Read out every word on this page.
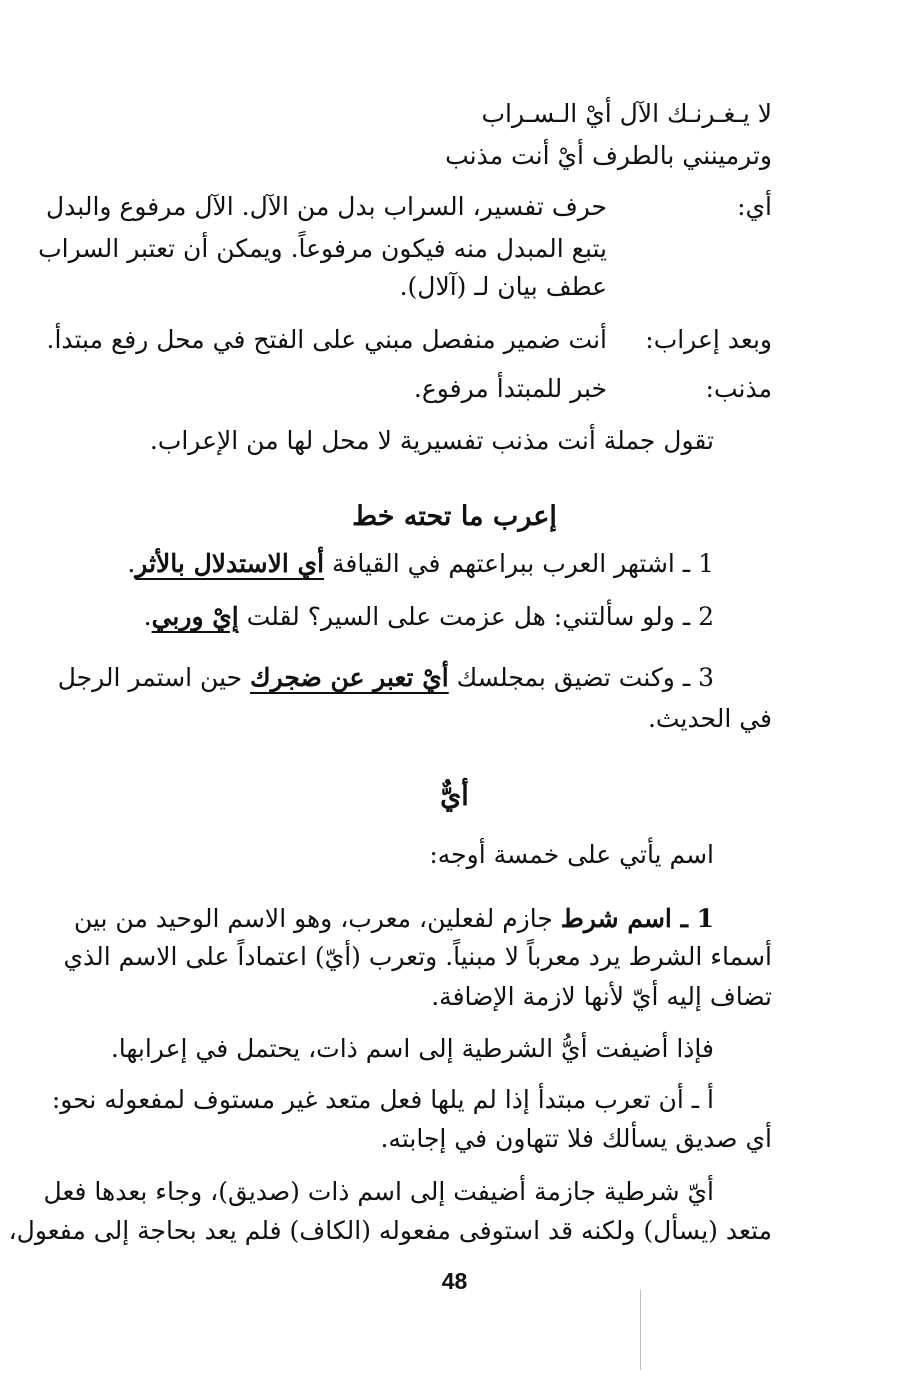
لا يـغـرنـك الآل أيْ الـسـراب
وترمينني بالطرف أيْ أنت مذنب
أي:
حرف تفسير، السراب بدل من الآل. الآل مرفوع والبدل
يتبع المبدل منه فيكون مرفوعاً. ويمكن أن تعتبر السراب
عطف بيان لـ (آلال).
وبعد إعراب:
أنت ضمير منفصل مبني على الفتح في محل رفع مبتدأ.
مذنب:
خبر للمبتدأ مرفوع.
تقول جملة أنت مذنب تفسيرية لا محل لها من الإعراب.
إعرب ما تحته خط
1 ـ اشتهر العرب ببراعتهم في القيافة أي الاستدلال بالأثر.
2 ـ ولو سألتني: هل عزمت على السير؟ لقلت إيْ وربي.
3 ـ وكنت تضيق بمجلسك أيْ تعبر عن ضجرك حين استمر الرجل
في الحديث.
أيٌّ
اسم يأتي على خمسة أوجه:
1 ـ اسم شرط جازم لفعلين، معرب، وهو الاسم الوحيد من بين
أسماء الشرط يرد معرباً لا مبنياً. وتعرب (أيّ) اعتماداً على الاسم الذي
تضاف إليه أيّ لأنها لازمة الإضافة.
فإذا أضيفت أيُّ الشرطية إلى اسم ذات، يحتمل في إعرابها.
أ ـ أن تعرب مبتدأ إذا لم يلها فعل متعد غير مستوف لمفعوله نحو:
أي صديق يسألك فلا تتهاون في إجابته.
أيّ شرطية جازمة أضيفت إلى اسم ذات (صديق)، وجاء بعدها فعل
متعد (يسأل) ولكنه قد استوفى مفعوله (الكاف) فلم يعد بحاجة إلى مفعول،
48
